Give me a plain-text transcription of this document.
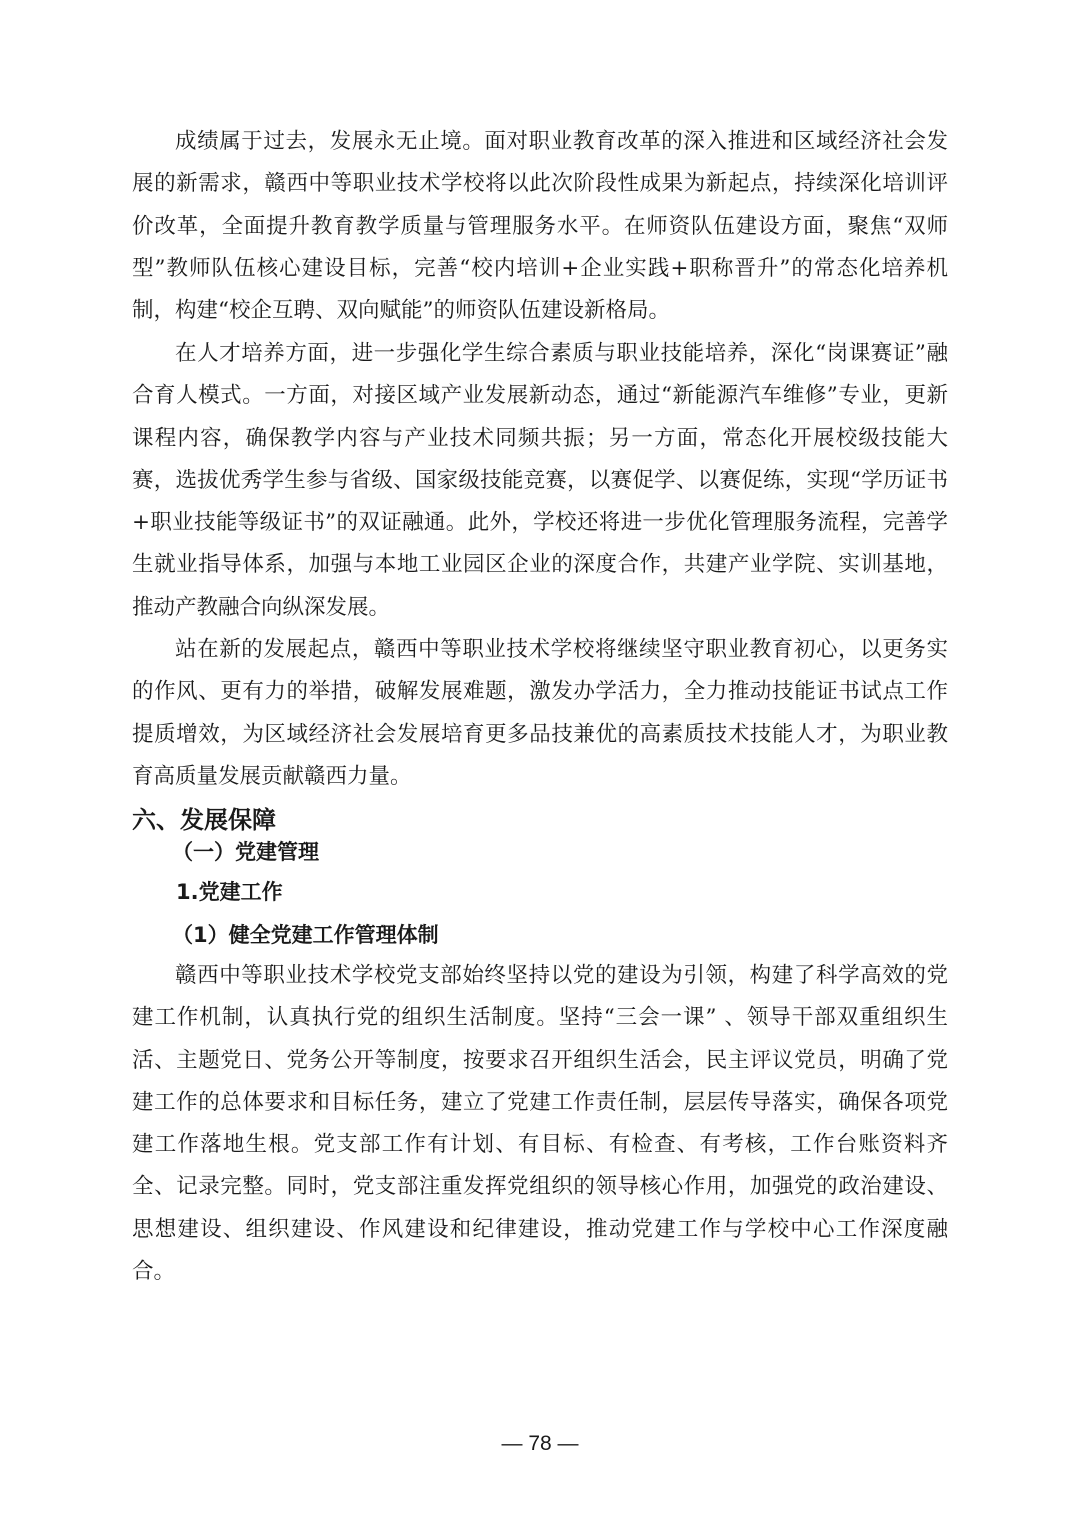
成绩属于过去，发展永无止境。面对职业教育改革的深入推进和区域经济社会发展的新需求，赣西中等职业技术学校将以此次阶段性成果为新起点，持续深化培训评价改革，全面提升教育教学质量与管理服务水平。在师资队伍建设方面，聚焦“双师型”教师队伍核心建设目标，完善“校内培训+企业实践+职称晋升”的常态化培养机制，构建“校企互聘、双向赋能”的师资队伍建设新格局。

在人才培养方面，进一步强化学生综合素质与职业技能培养，深化“岗课赛证”融合育人模式。一方面，对接区域产业发展新动态，通过“新能源汽车维修”专业，更新课程内容，确保教学内容与产业技术同频共振；另一方面，常态化开展校级技能大赛，选拔优秀学生参与省级、国家级技能竞赛，以赛促学、以赛促练，实现“学历证书+职业技能等级证书”的双证融通。此外，学校还将进一步优化管理服务流程，完善学生就业指导体系，加强与本地工业园区企业的深度合作，共建产业学院、实训基地，推动产教融合向纵深发展。

站在新的发展起点，赣西中等职业技术学校将继续坚守职业教育初心，以更务实的作风、更有力的举措，破解发展难题，激发办学活力，全力推动技能证书试点工作提质增效，为区域经济社会发展培育更多品技兼优的高素质技术技能人才，为职业教育高质量发展贡献赣西力量。

六、发展保障
（一）党建管理
1.党建工作
（1）健全党建工作管理体制

赣西中等职业技术学校党支部始终坚持以党的建设为引领，构建了科学高效的党建工作机制，认真执行党的组织生活制度。坚持“三会一课” 、领导干部双重组织生活、主题党日、党务公开等制度，按要求召开组织生活会，民主评议党员，明确了党建工作的总体要求和目标任务，建立了党建工作责任制，层层传导落实，确保各项党建工作落地生根。党支部工作有计划、有目标、有检查、有考核，工作台账资料齐全、记录完整。同时，党支部注重发挥党组织的领导核心作用，加强党的政治建设、思想建设、组织建设、作风建设和纪律建设，推动党建工作与学校中心工作深度融合。

— 78 —
